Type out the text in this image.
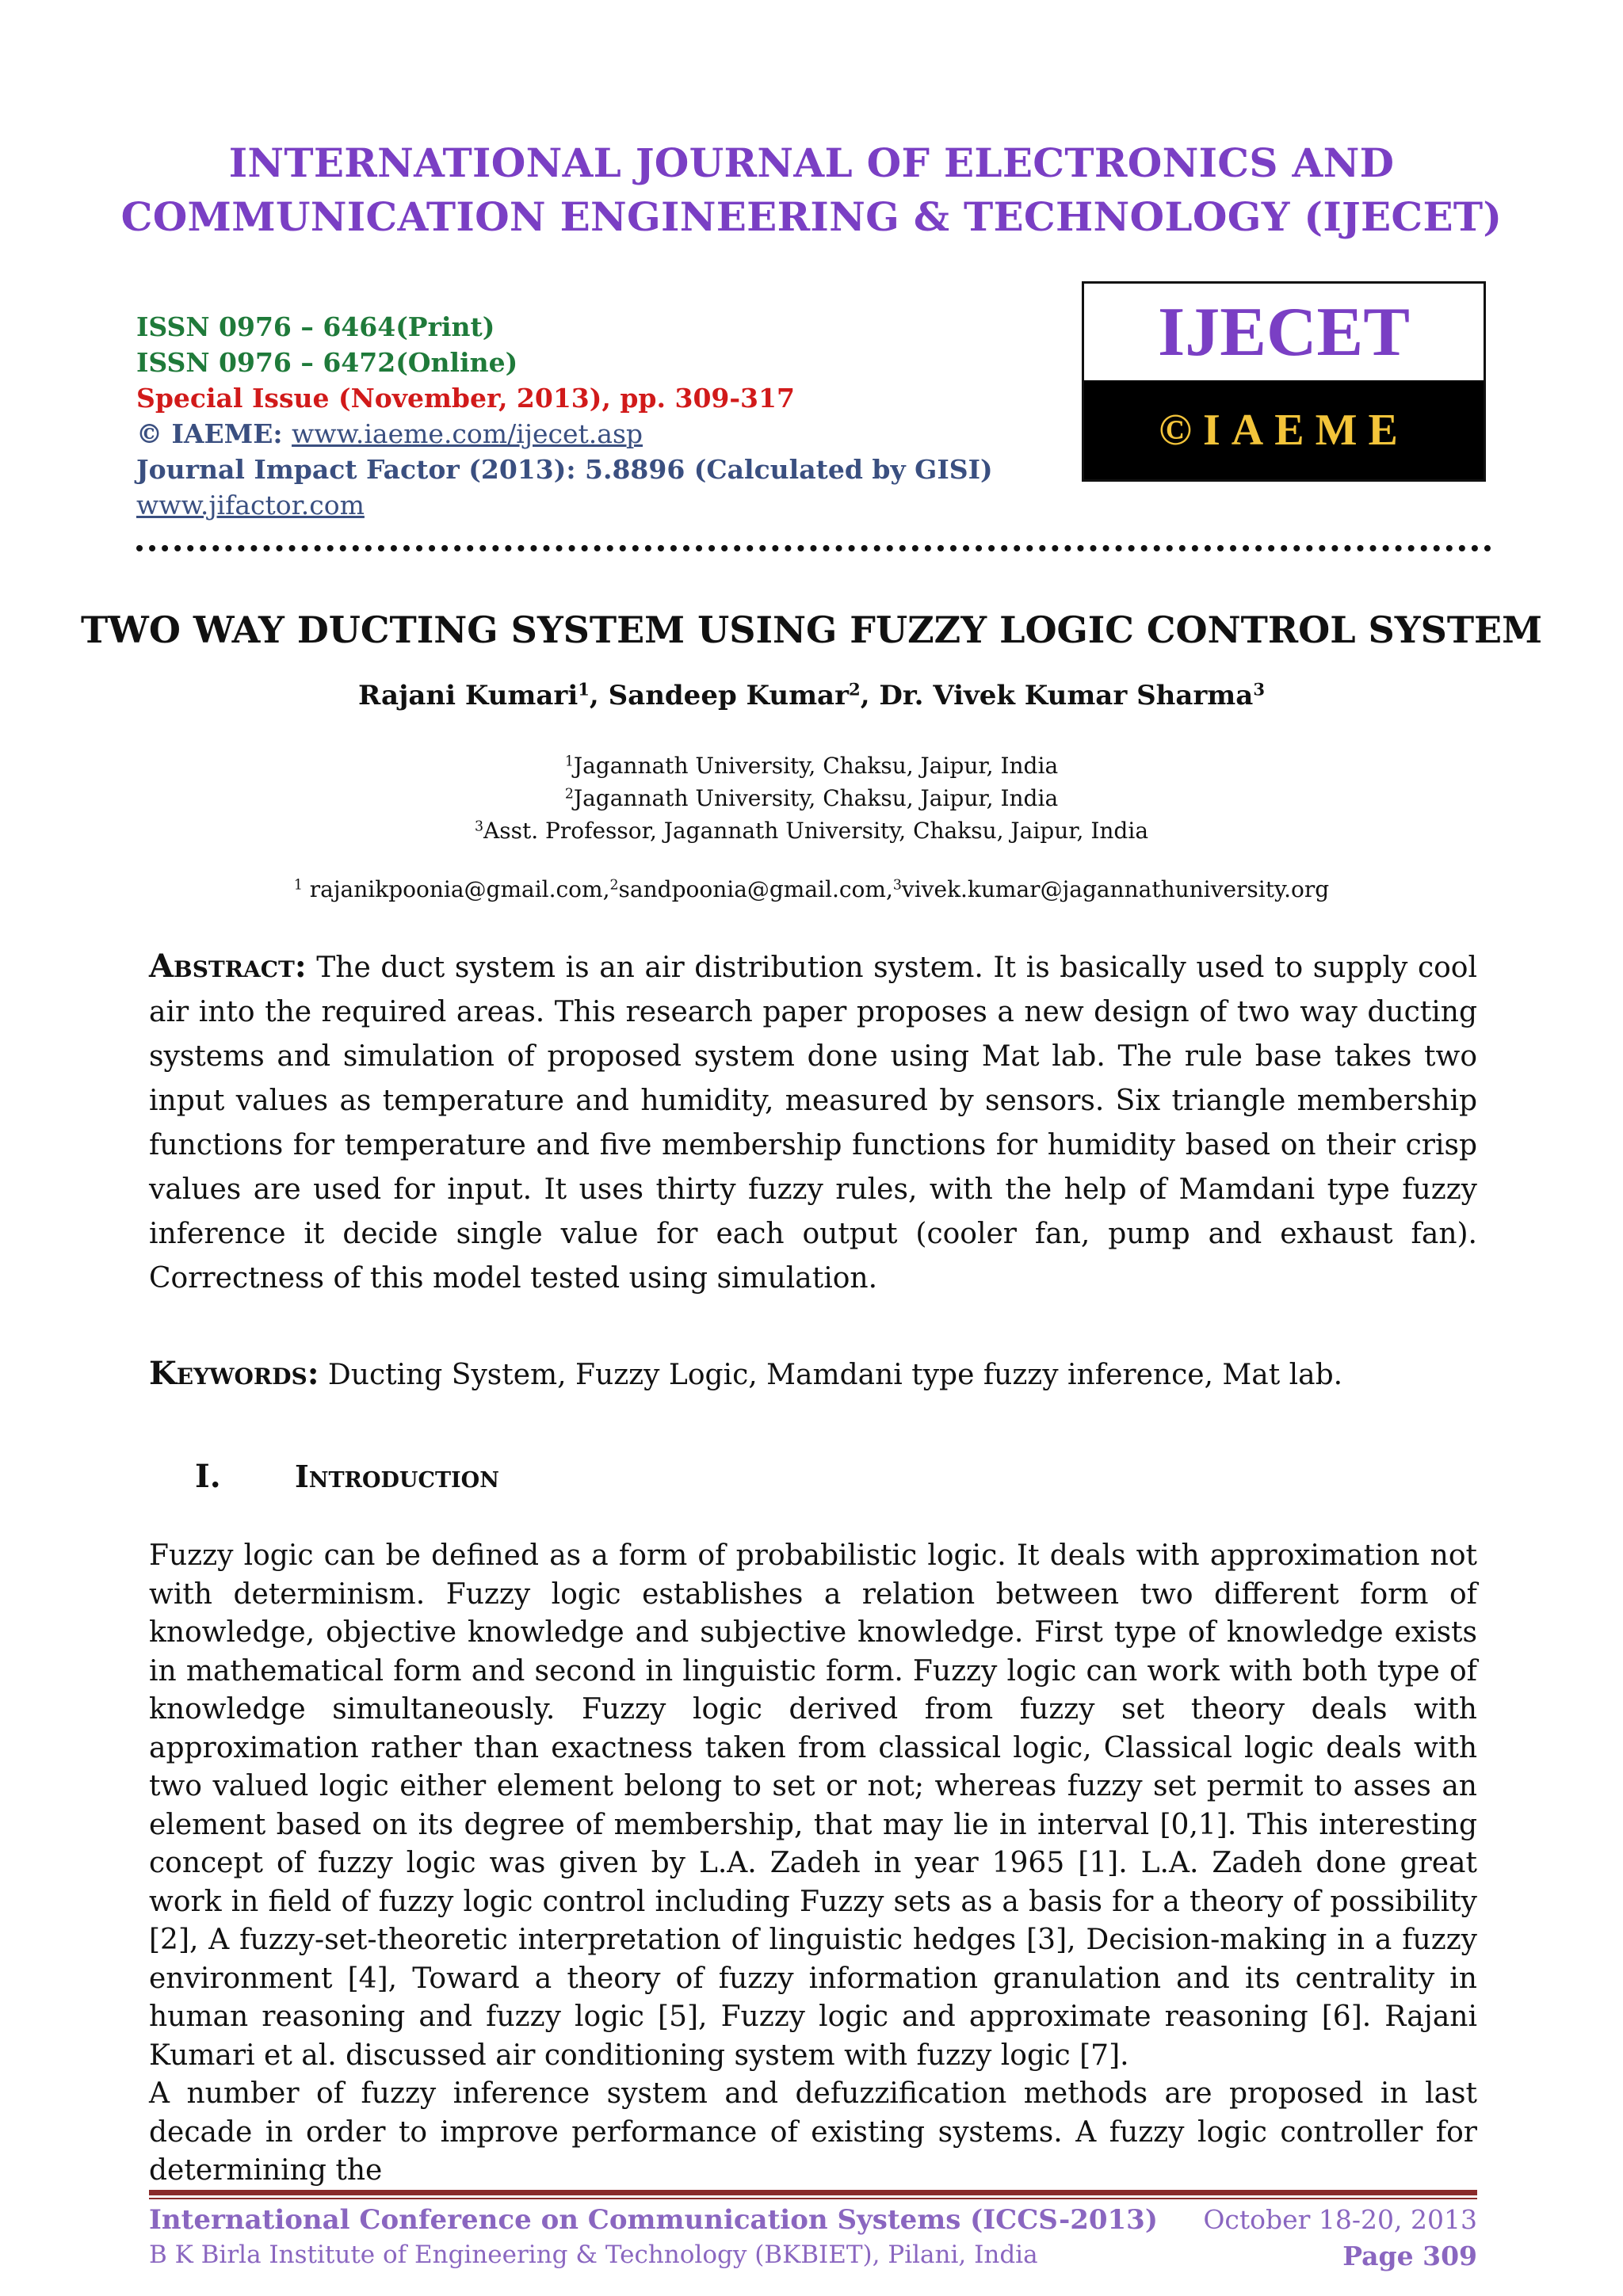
INTERNATIONAL JOURNAL OF ELECTRONICS AND
COMMUNICATION ENGINEERING & TECHNOLOGY (IJECET)
ISSN 0976 – 6464(Print)
ISSN 0976 – 6472(Online)
Special Issue (November, 2013), pp. 309-317
© IAEME: www.iaeme.com/ijecet.asp
Journal Impact Factor (2013): 5.8896 (Calculated by GISI)
www.jifactor.com
IJECET
©IAEME
TWO WAY DUCTING SYSTEM USING FUZZY LOGIC CONTROL SYSTEM
Rajani Kumari$^1$, Sandeep Kumar$^2$, Dr. Vivek Kumar Sharma$^3$
$^1$Jagannath University, Chaksu, Jaipur, India
$^2$Jagannath University, Chaksu, Jaipur, India
$^3$Asst. Professor, Jagannath University, Chaksu, Jaipur, India
$^1$ rajanikpoonia@gmail.com,$^2$sandpoonia@gmail.com,$^3$vivek.kumar@jagannathuniversity.org
Abstract: The duct system is an air distribution system. It is basically used to supply cool air into the required areas. This research paper proposes a new design of two way ducting systems and simulation of proposed system done using Mat lab. The rule base takes two input values as temperature and humidity, measured by sensors. Six triangle membership functions for temperature and five membership functions for humidity based on their crisp values are used for input. It uses thirty fuzzy rules, with the help of Mamdani type fuzzy inference it decide single value for each output (cooler fan, pump and exhaust fan). Correctness of this model tested using simulation.
Keywords: Ducting System, Fuzzy Logic, Mamdani type fuzzy inference, Mat lab.
I. Introduction

Fuzzy logic can be defined as a form of probabilistic logic. It deals with approximation not with determinism. Fuzzy logic establishes a relation between two different form of knowledge, objective knowledge and subjective knowledge. First type of knowledge exists in mathematical form and second in linguistic form. Fuzzy logic can work with both type of knowledge simultaneously. Fuzzy logic derived from fuzzy set theory deals with approximation rather than exactness taken from classical logic, Classical logic deals with two valued logic either element belong to set or not; whereas fuzzy set permit to asses an element based on its degree of membership, that may lie in interval [0,1]. This interesting concept of fuzzy logic was given by L.A. Zadeh in year 1965 [1]. L.A. Zadeh done great work in field of fuzzy logic control including Fuzzy sets as a basis for a theory of possibility [2], A fuzzy-set-theoretic interpretation of linguistic hedges [3], Decision-making in a fuzzy environment [4], Toward a theory of fuzzy information granulation and its centrality in human reasoning and fuzzy logic [5], Fuzzy logic and approximate reasoning [6]. Rajani Kumari et al. discussed air conditioning system with fuzzy logic [7].

A number of fuzzy inference system and defuzzification methods are proposed in last decade in order to improve performance of existing systems. A fuzzy logic controller for determining the

International Conference on Communication Systems (ICCS-2013)
B K Birla Institute of Engineering & Technology (BKBIET), Pilani, India
October 18-20, 2013
Page 309
